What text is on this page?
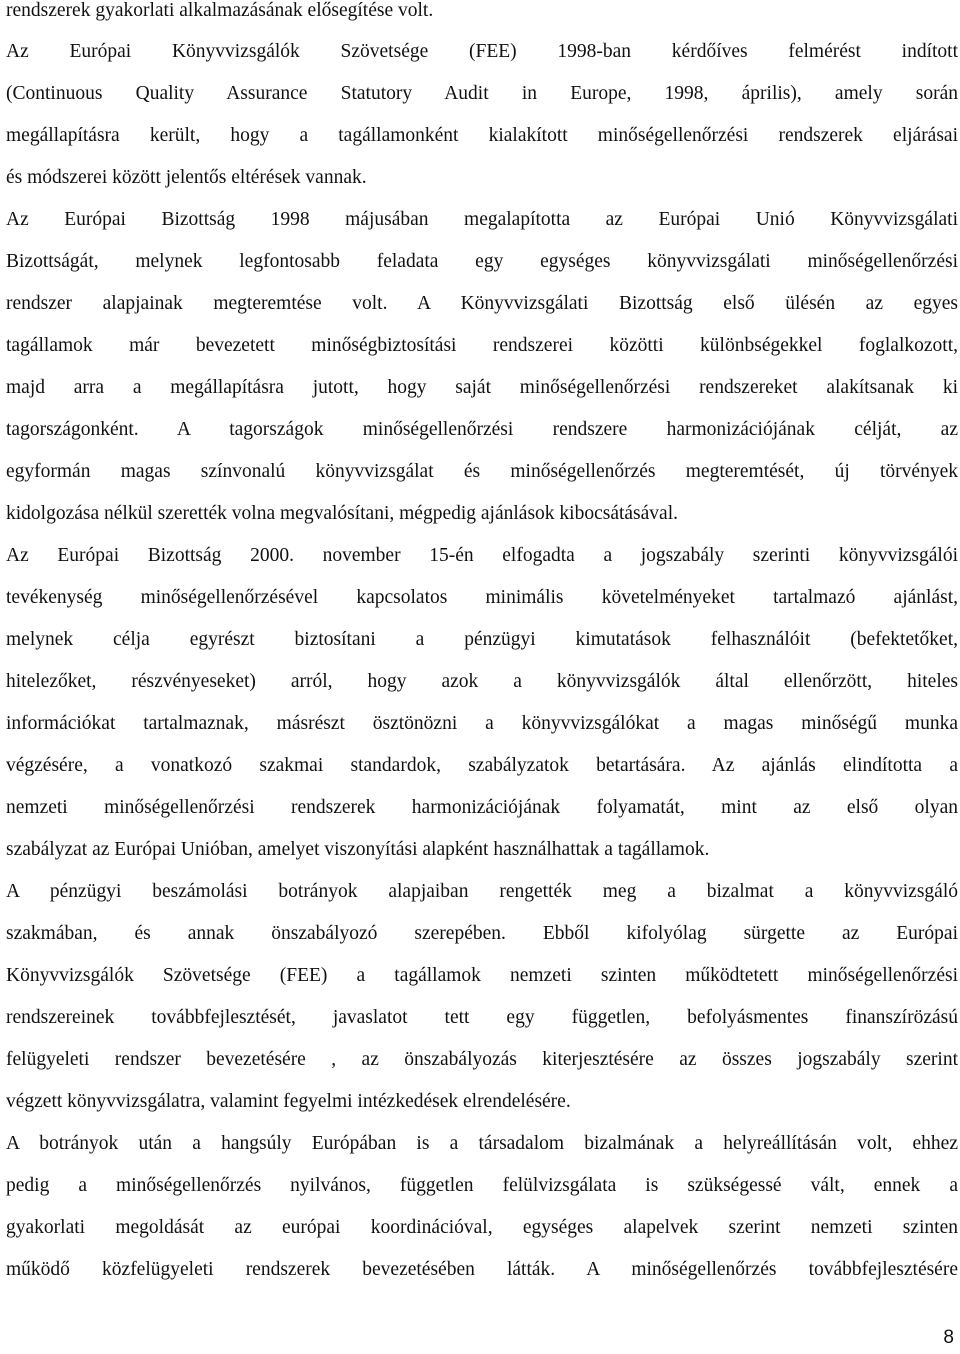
rendszerek gyakorlati alkalmazásának elősegítése volt.
Az Európai Könyvvizsgálók Szövetsége (FEE) 1998-ban kérdőíves felmérést indított
(Continuous Quality Assurance Statutory Audit in Europe, 1998, április), amely során
megállapításra került, hogy a tagállamonként kialakított minőségellenőrzési rendszerek eljárásai
és módszerei között jelentős eltérések vannak.
Az Európai Bizottság 1998 májusában megalapította az Európai Unió Könyvvizsgálati
Bizottságát, melynek legfontosabb feladata egy egységes könyvvizsgálati minőségellenőrzési
rendszer alapjainak megteremtése volt. A Könyvvizsgálati Bizottság első ülésén az egyes
tagállamok már bevezetett minőségbiztosítási rendszerei közötti különbségekkel foglalkozott,
majd arra a megállapításra jutott, hogy saját minőségellenőrzési rendszereket alakítsanak ki
tagországonként. A tagországok minőségellenőrzési rendszere harmonizációjának célját, az
egyformán magas színvonalú könyvvizsgálat és minőségellenőrzés megteremtését, új törvények
kidolgozása nélkül szerették volna megvalósítani, mégpedig ajánlások kibocsátásával.
Az Európai Bizottság 2000. november 15-én elfogadta a jogszabály szerinti könyvvizsgálói
tevékenység minőségellenőrzésével kapcsolatos minimális követelményeket tartalmazó ajánlást,
melynek célja egyrészt biztosítani a pénzügyi kimutatások felhasználóit (befektetőket,
hitelezőket, részvényeseket) arról, hogy azok a könyvvizsgálók által ellenőrzött, hiteles
információkat tartalmaznak, másrészt ösztönözni a könyvvizsgálókat a magas minőségű munka
végzésére, a vonatkozó szakmai standardok, szabályzatok betartására. Az ajánlás elindította a
nemzeti minőségellenőrzési rendszerek harmonizációjának folyamatát, mint az első olyan
szabályzat az Európai Unióban, amelyet viszonyítási alapként használhattak a tagállamok.
A pénzügyi beszámolási botrányok alapjaiban rengették meg a bizalmat a könyvvizsgáló
szakmában, és annak önszabályozó szerepében. Ebből kifolyólag sürgette az Európai
Könyvvizsgálók Szövetsége (FEE) a tagállamok nemzeti szinten működtetett minőségellenőrzési
rendszereinek továbbfejlesztését, javaslatot tett egy független, befolyásmentes finanszírözású
felügyeleti rendszer bevezetésére , az önszabályozás kiterjesztésére az összes jogszabály szerint
végzett könyvvizsgálatra, valamint fegyelmi intézkedések elrendelésére.
A botrányok után a hangsúly Európában is a társadalom bizalmának a helyreállításán volt, ehhez
pedig a minőségellenőrzés nyilvános, független felülvizsgálata is szükségessé vált, ennek a
gyakorlati megoldását az európai koordinációval, egységes alapelvek szerint nemzeti szinten
működő közfelügyeleti rendszerek bevezetésében látták. A minőségellenőrzés továbbfejlesztésére
8
